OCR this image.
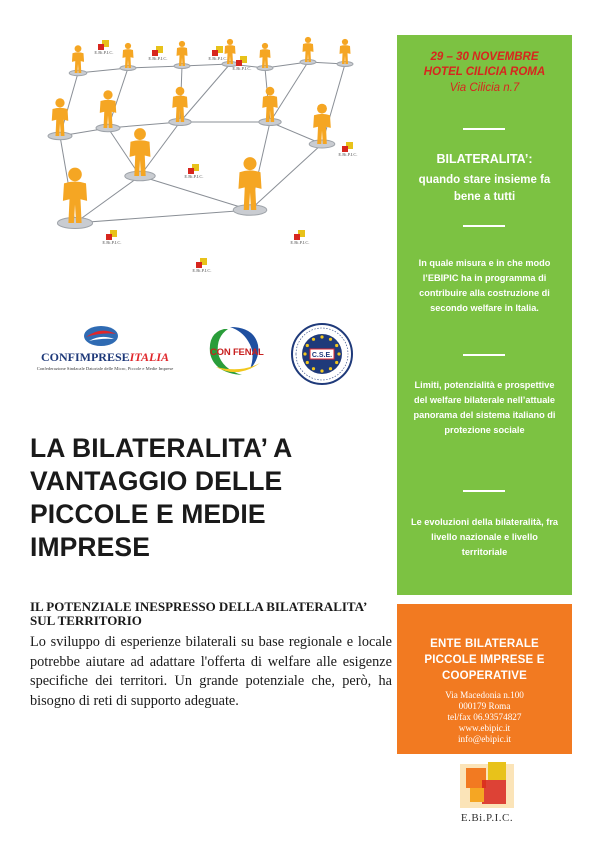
E.Bi.P.I.C.
E.Bi.P.I.C.	E.Bi.P.I.C.
E.Bi.P.I.C.
E.Bi.P.I.C.
E.Bi.P.I.C.	E.Bi.P.I.C.
E.Bi.P.I.C.
E.Bi.P.I.C.
CONFIMPRESEITALIA
Confederazione Sindacale Datoriale delle Micro, Piccole e Medie Imprese
CON FENAL	C.S.E.
LA BILATERALITA’ A VANTAGGIO DELLE PICCOLE E MEDIE IMPRESE
IL POTENZIALE INESPRESSO DELLA BILATERALITA’ SUL TERRITORIO
Lo sviluppo di esperienze bilaterali su base regionale e locale potrebbe aiutare ad adattare l'offerta di welfare alle esigenze specifiche dei territori. Un grande potenziale che, però, ha bisogno di reti di supporto adeguate.
29 – 30 NOVEMBRE
HOTEL CILICIA ROMA
Via Cilicia n.7
BILATERALITA’:
quando stare insieme fa bene a tutti
In quale misura e in che modo l’EBIPIC ha in programma di contribuire alla costruzione di secondo welfare in Italia.
Limiti, potenzialità e prospettive del welfare bilaterale nell’attuale panorama del sistema italiano di protezione sociale
Le evoluzioni della bilateralità, fra livello nazionale e livello territoriale
ENTE BILATERALE PICCOLE IMPRESE E COOPERATIVE
Via Macedonia n.100
000179 Roma
tel/fax 06.93574827
www.ebipic.it
info@ebipic.it
E.Bi.P.I.C.
